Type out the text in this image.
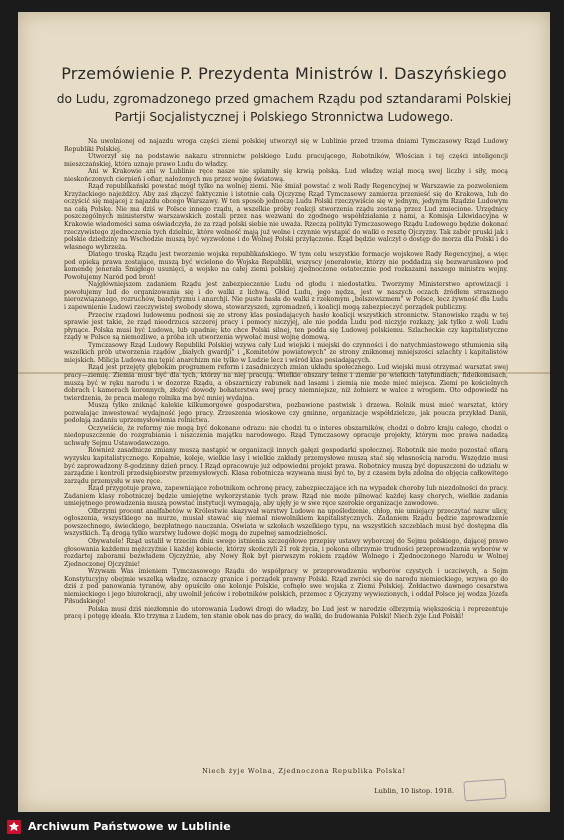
Przemówienie P. Prezydenta Ministrów I. Daszyńskiego
do Ludu, zgromadzonego przed gmachem Rządu pod sztandarami Polskiej Partji Socjalistycznej i Polskiego Stronnictwa Ludowego.

Na uwolnionej od najazdu wroga części ziemi polskiej utworzył się w Lublinie przed trzema dniami Tymczasowy Rząd Ludowy Republiki Polskiej.

Utworzył się na podstawie nakazu stronnictw polskiego Ludu pracującego, Robotników, Włościan i tej części inteligencji mieszczańskiej, która uznaje prawo Ludu do władzy.

Ani w Krakowie ani w Lublinie ręce nasze nie splamiły się krwią polską. Lud władzę wziął mocą swej liczby i siły, mocą nieskończonych cierpień i ofiar, nałożonych mu przez wojnę światową.

Rząd republikański powstać mógł tylko na wolnej ziemi. Nie śmiał powstać z woli Rady Regencyjnej w Warszawie za pozwoleniem Krzyżackiego najeźdźcy. Aby zaś złączyć faktycznie i istotnie całą Ojczyznę Rząd Tymczasowy zamierza przenieść się do Krakowa, lub do oczyścić się mającej z najazdu obcego Warszawy. W ten sposób jednoczę Ludu Polski rzeczywiście się w jednym, jedynym Rządzie Ludowym na całą Polskę. Nie ma dziś w Polsce innego rządu, a wszelkie próby reakcji stworzenia rządu zostaną przez Lud zmiecione. Urzędnicy poszczególnych ministerstw warszawskich zostali przez nas wezwani do zgodnego współdziałania z nami, a Komisja Likwidacyjna w Krakowie wiadomości sama oświadczyła, że za rząd polski siebie nie uważa. Rzeczą polityki Tymczasowego Rządu Ludowego będzie dokonać rzeczywistego zjednoczenia tych dzielnic, które wolność mają już wolne i czynnie wystąpić do walki o resztę Ojczyzny. Tak zabór pruski jak i polskie dziedziny na Wschodzie muszą być wyzwolone i do Wolnej Polski przyłączone. Rząd będzie walczył o dostęp do morza dla Polski i do własnego wybrzeża.

Dlatego troską Rządu jest tworzenie wojska republikańskiego. W tym celu wszystkie formacje wojskowe Rady Regencyjnej, a więc pod opieką prawa zostające, muszą być wcielone do Wojska Republiki, wszyscy jenerałowie, którzy nie poddadzą się bezwarunkowo pod komendę jenerała Śmigłego usunięci, a wojsko na całej ziemi polskiej zjednoczone ostatecznie pod rozkazami naszego ministra wojny. Powołujemy Naród pod broń!

Najgłówniejszem zadaniem Rządu jest zabezpieczenie Ludu od głodu i niedostatku. Tworzymy Ministerstwo aprowizacji i powołujemy lud do organizowania się i do walki z lichwą. Głód Ludu, jego nędza, jest w naszych oczach źródłem strasznego nierozwiązanego, rozruchów, bandytyzmu i anarchji. Nie puste hasła do walki z rzekomym „bolszewizmem” w Polsce, lecz żywność dla Ludu i zapewnienie Ludowi rzeczywistej swobody słowa, stowarzyszeń, zgromadzeń, i koalicji mogą zabezpieczyć porządek publiczny.

Przeciw rządowi ludowemu podnosi się ze strony klas posiadających hasło koalicji wszystkich stronnictw. Stanowisko rządu w tej sprawie jest takie, że rząd nieodrzuca szczerej pracy i pomocy niczyjej, ale nie podda Ludu pod niczyje rozkazy, jak tylko z woli Ludu płynące. Polska musi być Ludowa, lub upadnie; kto chce Polski silnej, ten podda się Ludowej polskiemu. Szlacheckie czy kapitalistyczne rządy w Polsce są niemożliwe, a próba ich utworzenia wywołać musi wojnę domową.

Tymczasowy Rząd Ludowy Republiki Polskiej wzywa cały Lud wiejski i miejski do czynności i do natychmiastowego stłumienia siłą wszelkich prób utworzenia rządów „białych gwardji” i „Komitetów powiatowych” ze strony zniknomej mniejszości szlachty i kapitalistów miejskich. Milicja Ludowa ma tępić anarchizm nie tylko w Ludzie lecz i wśród klas posiadających.

Rząd jest przejęty głębokim programem reform i zasadniczych zmian układu społecznego. Lud wiejski musi otrzymać warsztat swej pracy—ziemię. Ziemia musi być dla tych, którzy na niej pracują. Wielkie obszary leśne i ziemie po wielkich latyfundiach, fideikomisach, muszą być w ręku narodu i w dozorze Rządu, a obszarniczy rabunek nad lasami i ziemią nie może mieć miejsca. Ziemi po kościelnych dobrach i kamerach koronnych, złożyć dowody bohaterstwa swej pracy niemniejsze, niż żołnierz w walce z wrogiem. Oto odpowiedź na twierdzenia, że praca małego rolnika ma być mniej wydajna.

Muszą tylko zniknąć kalekie kilkumorgowe gospodarstwa, pozbawione pastwisk i drzewa. Rolnik musi mieć warsztat, który pozwalając inwestować wydajność jego pracy. Zrzeszenia wioskowe czy gminne, organizacje współdzielcze, jak poucza przykład Danii, podołają zadaniu uprzemysłowienia rolnictwa.

Oczywiście, że reformy nie mogą być dokonane odrazu: nie chodzi tu o interes obszarników, chodzi o dobro kraju całego, chodzi o niedopuszczenie do rozgrabiania i niszczenia majątku narodowego. Rząd Tymczasowy opracuje projekty, którym moc prawa nadadzą uchwały Sejmu Ustawodawczego.

Również zasadnicze zmiany muszą nastąpić w organizacji innych gałęzi gospodarki społecznej. Robotnik nie może pozostać ofiarą wyzysku kapitalistycznego. Kopalnie, koleje, wielkie lasy i wielkie zakłady przemysłowe muszą stać się własnością narodu. Wszędzie musi być zaprowadzony 8-godzinny dzień pracy. I Rząd opracowuje już odpowiedni projekt prawa. Robotnicy muszą być dopuszczeni do udziału w zarządzie i kontroli przedsiębiorstw przemysłowych. Klasa robotnicza wzywana musi być to, by z czasem była zdolna do objęcia całkowitego zarządu przemysłu w swe ręce.

Rząd przygotuje prawa, zapewniające robotnikom ochronę pracy, zabezpieczające ich na wypadek choroby lub niezdolności do pracy. Zadaniem klasy robotniczej będzie umiejętne wykorzystanie tych praw. Rząd nie może pilnować każdej kasy chorych, wielkie zadania umiejętnego prowadzenia muszą powstać instytucji wymagają, aby ujęły je w swe ręce szerokie organizacje zawodowe.

Olbrzymi procent analfabetów w Królestwie skazywał warstwy Ludowe na upośledzenie, chłop, nie umiejący przeczytać nazw ulicy, ogłoszenia, wszystkiego na murze, musiał stawać się niemal niewolnikiem kapitalistycznych. Zadaniem Rządu będzie zaprowadzenie powszechnego, świeckiego, bezpłatnego nauczania. Oświata w szkołach wszelkiego typu, na wszystkich szczeblach musi być dostępna dla wszystkich. Tą drogą tylko warstwy ludowe dojść mogą do zupełnej samodzielności.

Obywatele! Rząd ustalił w trzecim dniu swego istnienia szczegółowe przepisy ustawy wyborczej do Sejmu polskiego, dającej prawo głosowania każdemu mężczyźnie i każdej kobiecie, którzy skończyli 21 rok życia, i pokona olbrzymie trudności przeprowadzenia wyborów w rozdartej zaborami bezwładem Ojczyźnie, aby Nowy Rok był pierwszym rokiem rządów Wolnego i Zjednoczonego Narodu w Wolnej Zjednoczonej Ojczyźnie!

Wzywam Was imieniem Tymczasowego Rządu do współpracy w przeprowadzeniu wyborów czystych i uczciwych, a Sejm Konstytucyjny obejmie wszelką władzę, oznaczy granice i porządek prawny Polski. Rząd zwróci się do narodu niemieckiego, wzywa go do dziś z pod panowania tyranów, aby opuściło one kolonje Polskie, cofnęło swe wojska z Ziemi Polskiej. Żołdactwo dawnego cesarstwa niemieckiego i jego biurokracji, aby uwolnił jeńców i robotników polskich, przemoc z Ojczyzny wywiezionych, i oddał Polsce jej wodza Józefa Piłsudskiego!

Polska musi dziś niezłomnie do utorowania Ludowi drogi do władzy, bo Lud jest w narodzie olbrzymią większością i reprezentuje pracę i potęgę ideała. Kto trzyma z Ludem, ten stanie obok nas do pracy, do walki, do budowania Polski! Niech żyje Lud Polski!

Niech żyje Wolna, Zjednoczona Republika Polska!
Lublin, 10 listop. 1918.
Archiwum Państwowe w Lublinie
